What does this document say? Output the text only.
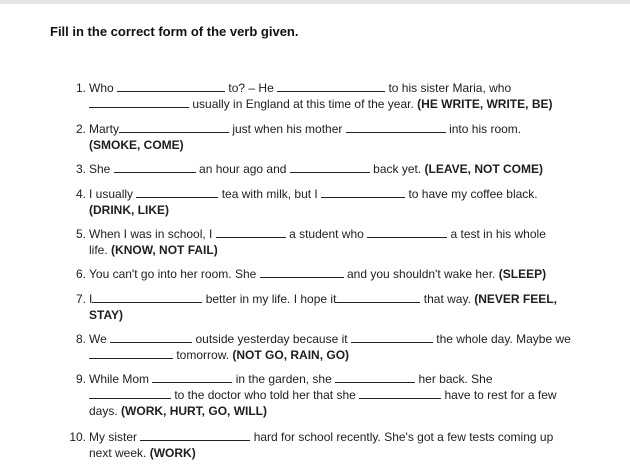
Fill in the correct form of the verb given.
1. Who	to? – He	to his sister Maria, who
usually in England at this time of the year. (HE WRITE, WRITE, BE)
2. Marty	just when his mother	into his room.
(SMOKE, COME)
3. She	an hour ago and	back yet. (LEAVE, NOT COME)
4. I usually	tea with milk, but I	to have my coffee black.
(DRINK, LIKE)
5. When I was in school, I	a student who	a test in his whole
life. (KNOW, NOT FAIL)
6. You can't go into her room. She	and you shouldn't wake her. (SLEEP)
7. I	better in my life. I hope it	that way. (NEVER FEEL,
STAY)
8. We	outside yesterday because it	the whole day. Maybe we
tomorrow. (NOT GO, RAIN, GO)
9. While Mom	in the garden, she	her back. She
to the doctor who told her that she	have to rest for a few
days. (WORK, HURT, GO, WILL)
10. My sister	hard for school recently. She's got a few tests coming up
next week. (WORK)
